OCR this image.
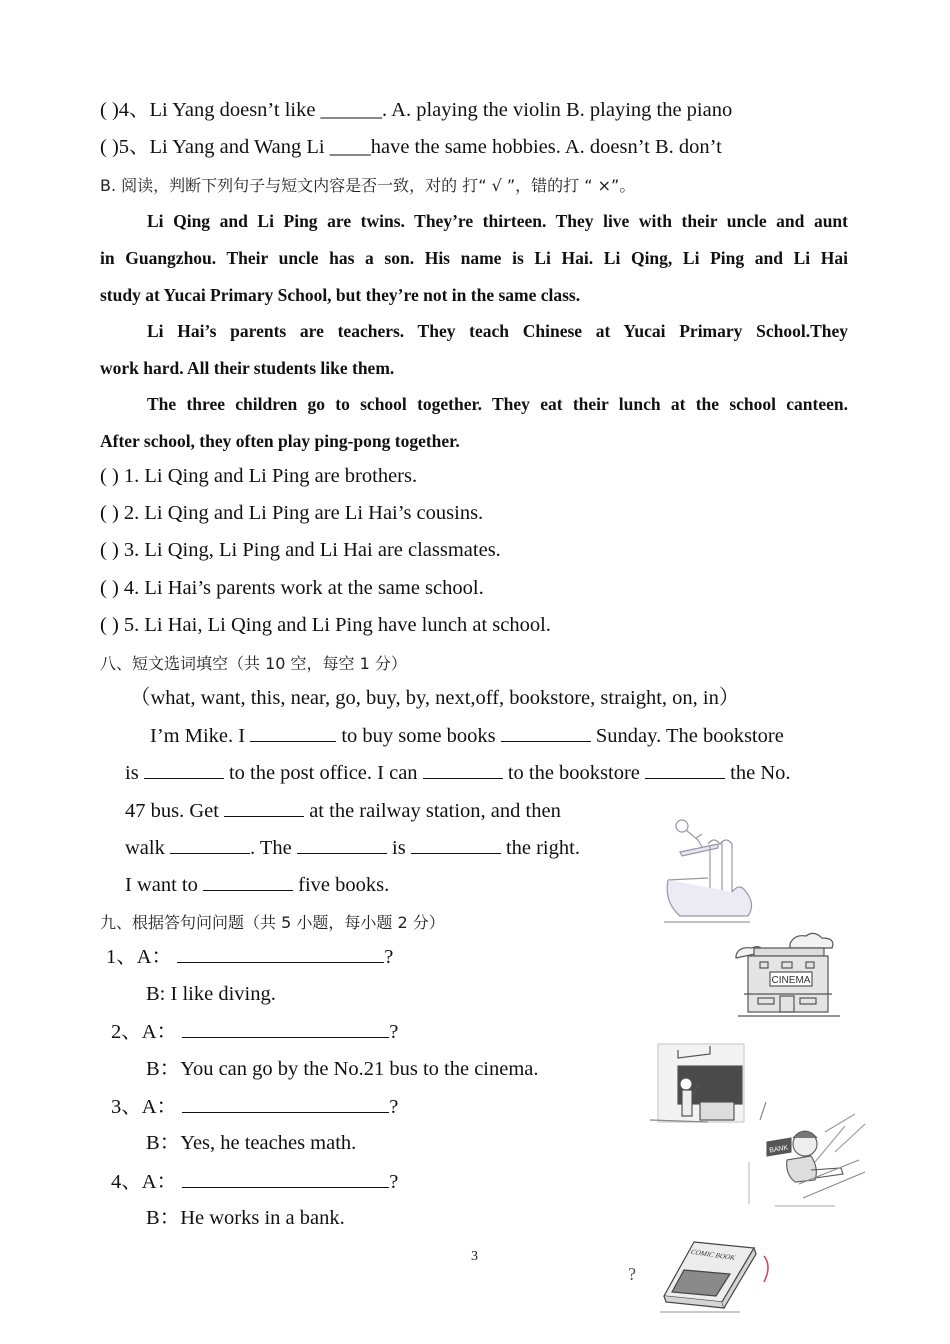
( )4、Li Yang doesn’t like ______. A. playing the violin B. playing the piano
( )5、Li Yang and Wang Li ____have the same hobbies. A. doesn’t B. don’t
B. 阅读，判断下列句子与短文内容是否一致，对的 打“ √ ”，错的打 “ ×”。
Li Qing and Li Ping are twins. They’re thirteen. They live with their uncle and aunt
in Guangzhou. Their uncle has a son. His name is Li Hai. Li Qing, Li Ping and Li Hai
study at Yucai Primary School, but they’re not in the same class.
Li Hai’s parents are teachers. They teach Chinese at Yucai Primary School.They
work hard. All their students like them.
The three children go to school together. They eat their lunch at the school canteen.
After school, they often play ping-pong together.
( ) 1. Li Qing and Li Ping are brothers.
( ) 2. Li Qing and Li Ping are Li Hai’s cousins.
( ) 3. Li Qing, Li Ping and Li Hai are classmates.
( ) 4. Li Hai’s parents work at the same school.
( ) 5. Li Hai, Li Qing and Li Ping have lunch at school.
八、短文选词填空（共 10 空，每空 1 分）
（what, want, this, near, go, buy, by, next,off, bookstore, straight, on, in）
I’m Mike. I	to buy some books	Sunday. The bookstore
is	to the post office. I can	to the bookstore	the No.
47 bus. Get	at the railway station, and then
walk	. The	is	the right.
I want to	five books.
九、根据答句问问题（共 5 小题，每小题 2 分）
1、A：	?
B: I like diving.
2、A：	?
B：You can go by the No.21 bus to the cinema.
3、A：	?
B：Yes, he teaches math.
4、A：	?
B：He works in a bank.
3
CINEMA
BANK
?
COMIC BOOK
